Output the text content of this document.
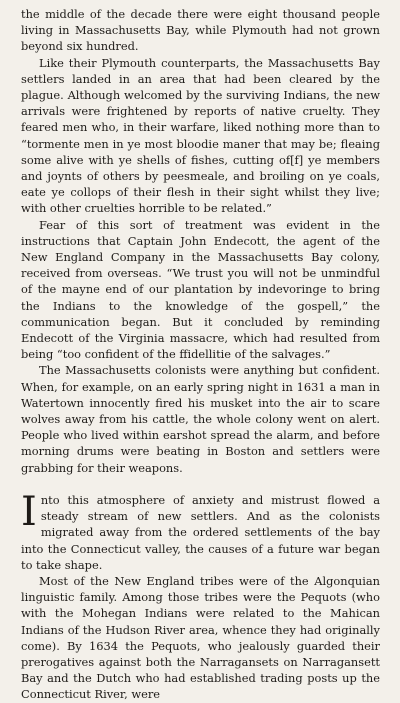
the middle of the decade there were eight thousand people living in Massachusetts Bay, while Plymouth had not grown beyond six hundred.

Like their Plymouth counterparts, the Massachusetts Bay settlers landed in an area that had been cleared by the plague. Although welcomed by the surviving Indians, the new arrivals were frightened by reports of native cruelty. They feared men who, in their warfare, liked nothing more than to “tormente men in ye most bloodie maner that may be; fleaing some alive with ye shells of fishes, cutting of[f] ye members and joynts of others by peesmeale, and broiling on ye coals, eate ye collops of their flesh in their sight whilst they live; with other cruelties horrible to be related.”

Fear of this sort of treatment was evident in the instructions that Captain John Endecott, the agent of the New England Company in the Massachusetts Bay colony, received from overseas. “We trust you will not be unmindful of the mayne end of our plantation by indevoringe to bring the Indians to the knowledge of the gospell,” the communication began. But it concluded by reminding Endecott of the Virginia massacre, which had resulted from being “too confident of the ffidellitie of the salvages.”

The Massachusetts colonists were anything but confident. When, for example, on an early spring night in 1631 a man in Watertown innocently fired his musket into the air to scare wolves away from his cattle, the whole colony went on alert. People who lived within earshot spread the alarm, and before morning drums were beating in Boston and settlers were grabbing for their weapons.

Into this atmosphere of anxiety and mistrust flowed a steady stream of new settlers. And as the colonists migrated away from the ordered settlements of the bay into the Connecticut valley, the causes of a future war began to take shape.

Most of the New England tribes were of the Algonquian linguistic family. Among those tribes were the Pequots (who with the Mohegan Indians were related to the Mahican Indians of the Hudson River area, whence they had originally come). By 1634 the Pequots, who jealously guarded their prerogatives against both the Narragansets on Narragansett Bay and the Dutch who had established trading posts up the Connecticut River, were
